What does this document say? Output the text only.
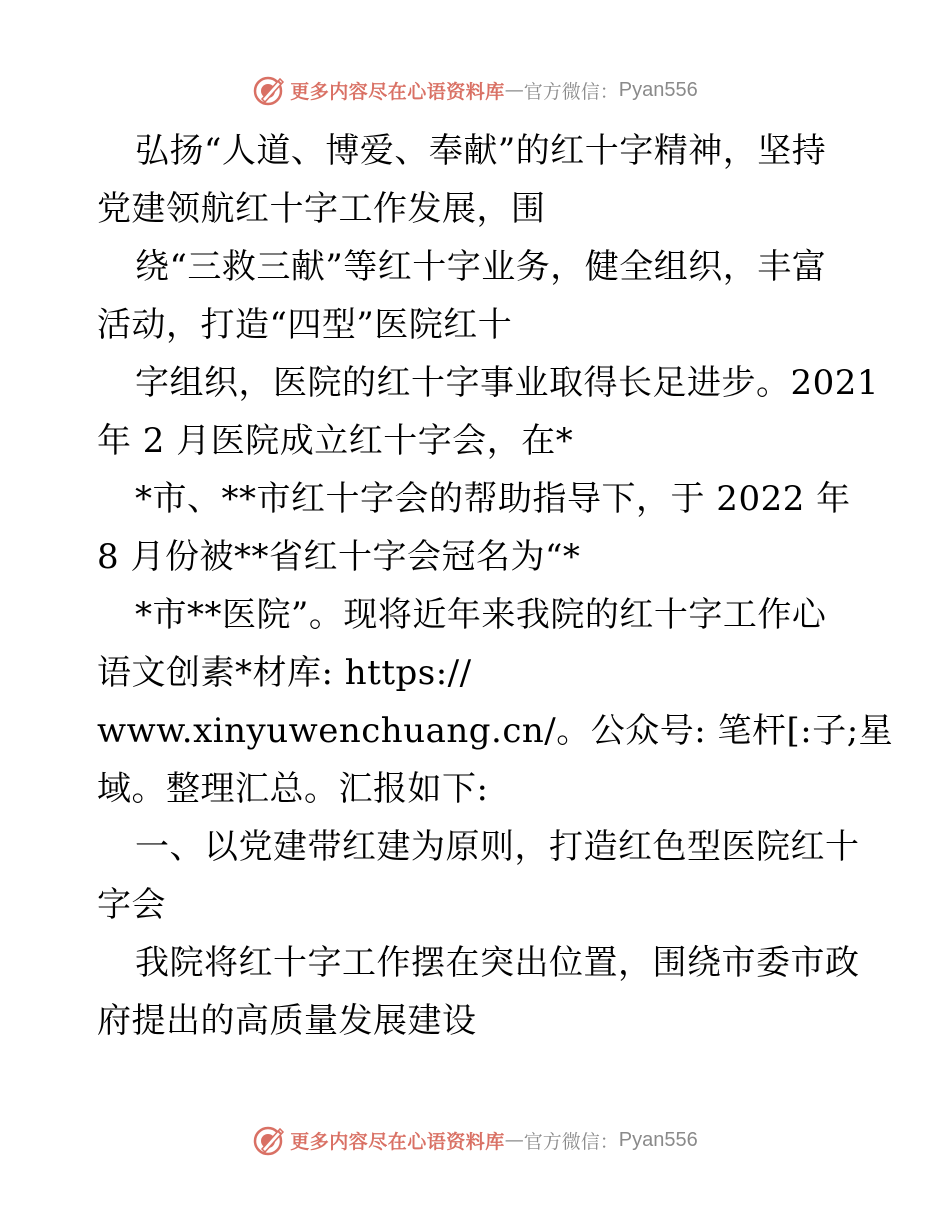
更多内容尽在心语资料库 — 官方微信： Pyan556
弘扬“人道、博爱、奉献”的红十字精神，坚持
党建领航红十字工作发展，围
绕“三救三献”等红十字业务，健全组织，丰富
活动，打造“四型”医院红十
字组织，医院的红十字事业取得长足进步。2021
年 2 月医院成立红十字会，在*
*市、**市红十字会的帮助指导下，于 2022 年
8 月份被**省红十字会冠名为“*
*市**医院”。现将近年来我院的红十字工作心
语文创素*材库: https://
www.xinyuwenchuang.cn/。公众号: 笔杆[:子;星
域。整理汇总。汇报如下:
一、以党建带红建为原则，打造红色型医院红十
字会
我院将红十字工作摆在突出位置，围绕市委市政
府提出的高质量发展建设
更多内容尽在心语资料库 — 官方微信： Pyan556
